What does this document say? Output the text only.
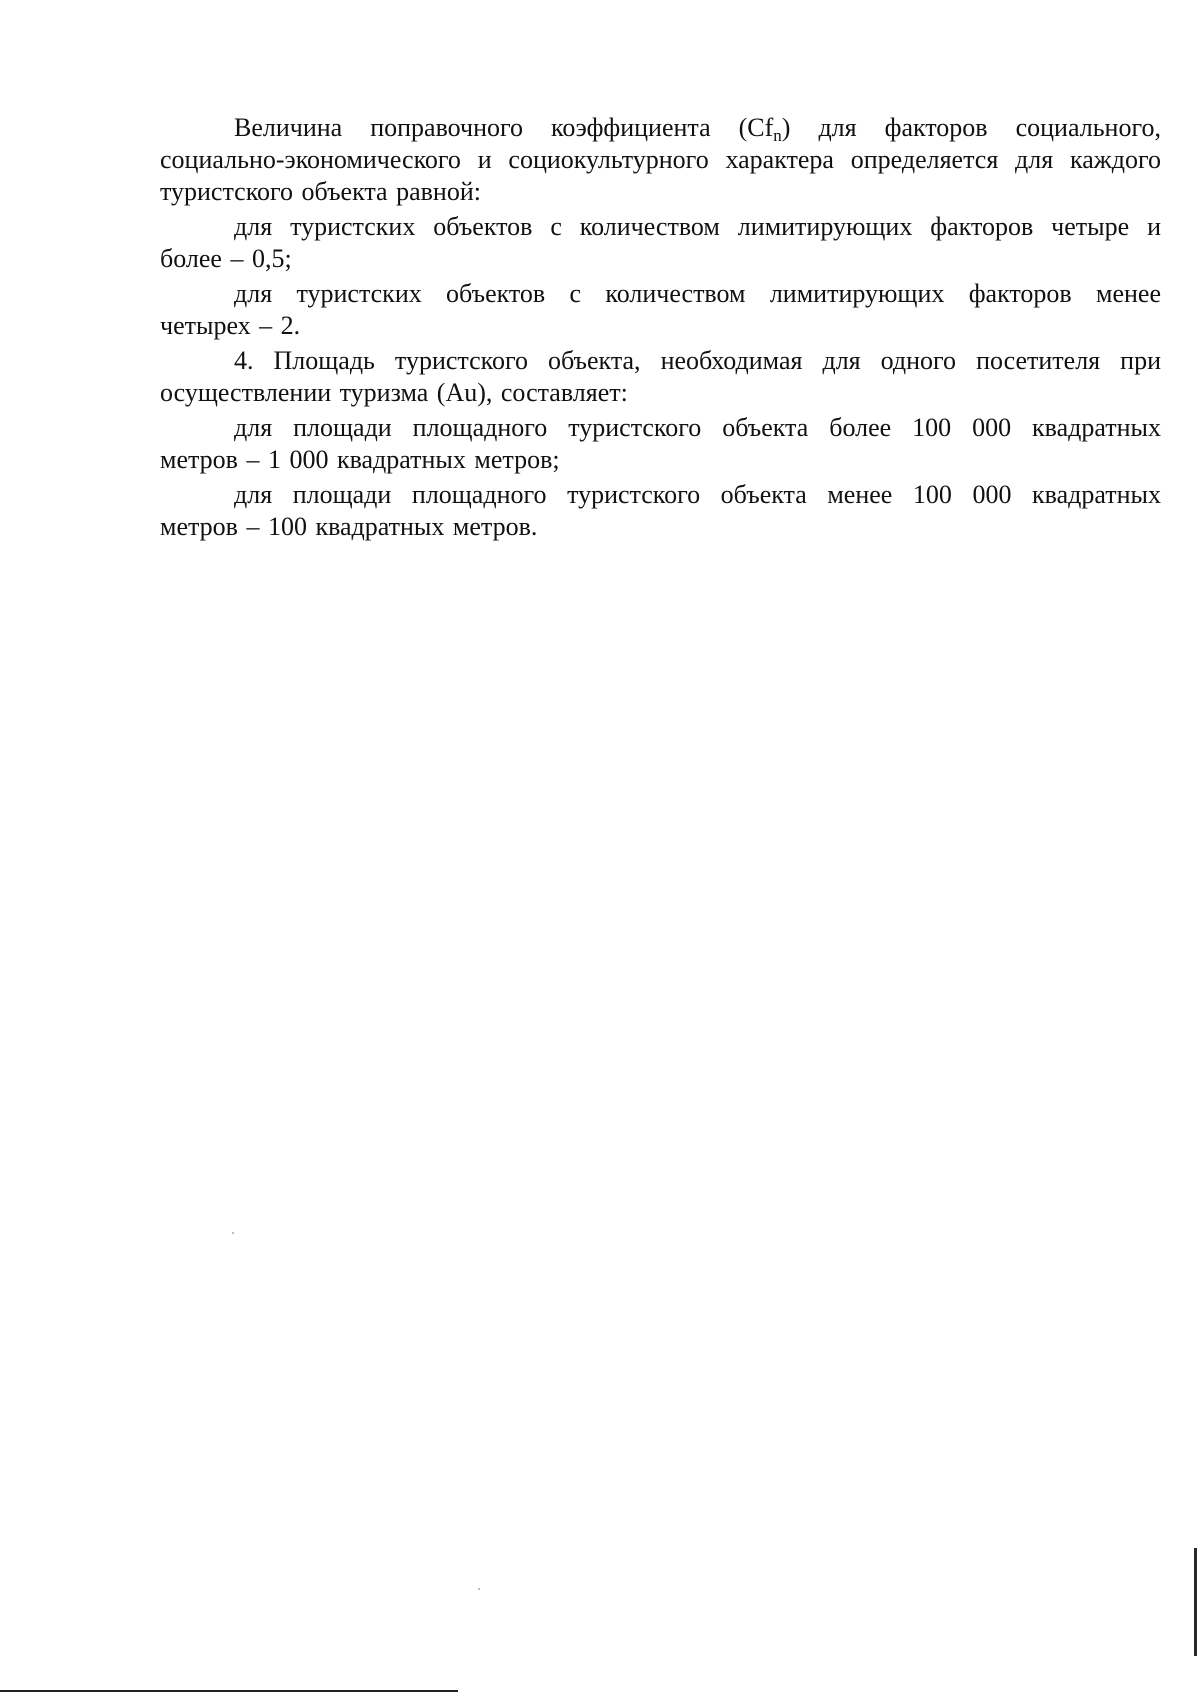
Величина поправочного коэффициента $(Cf_n)$ для факторов социального,
социально-экономического и социокультурного характера определяется для каждого
туристского объекта равной:

для туристских объектов с количеством лимитирующих факторов четыре и
более – 0,5;

для туристских объектов с количеством лимитирующих факторов менее
четырех – 2.

4. Площадь туристского объекта, необходимая для одного посетителя при
осуществлении туризма (Au), составляет:

для площади площадного туристского объекта более 100 000 квадратных
метров – 1 000 квадратных метров;

для площади площадного туристского объекта менее 100 000 квадратных
метров – 100 квадратных метров.
